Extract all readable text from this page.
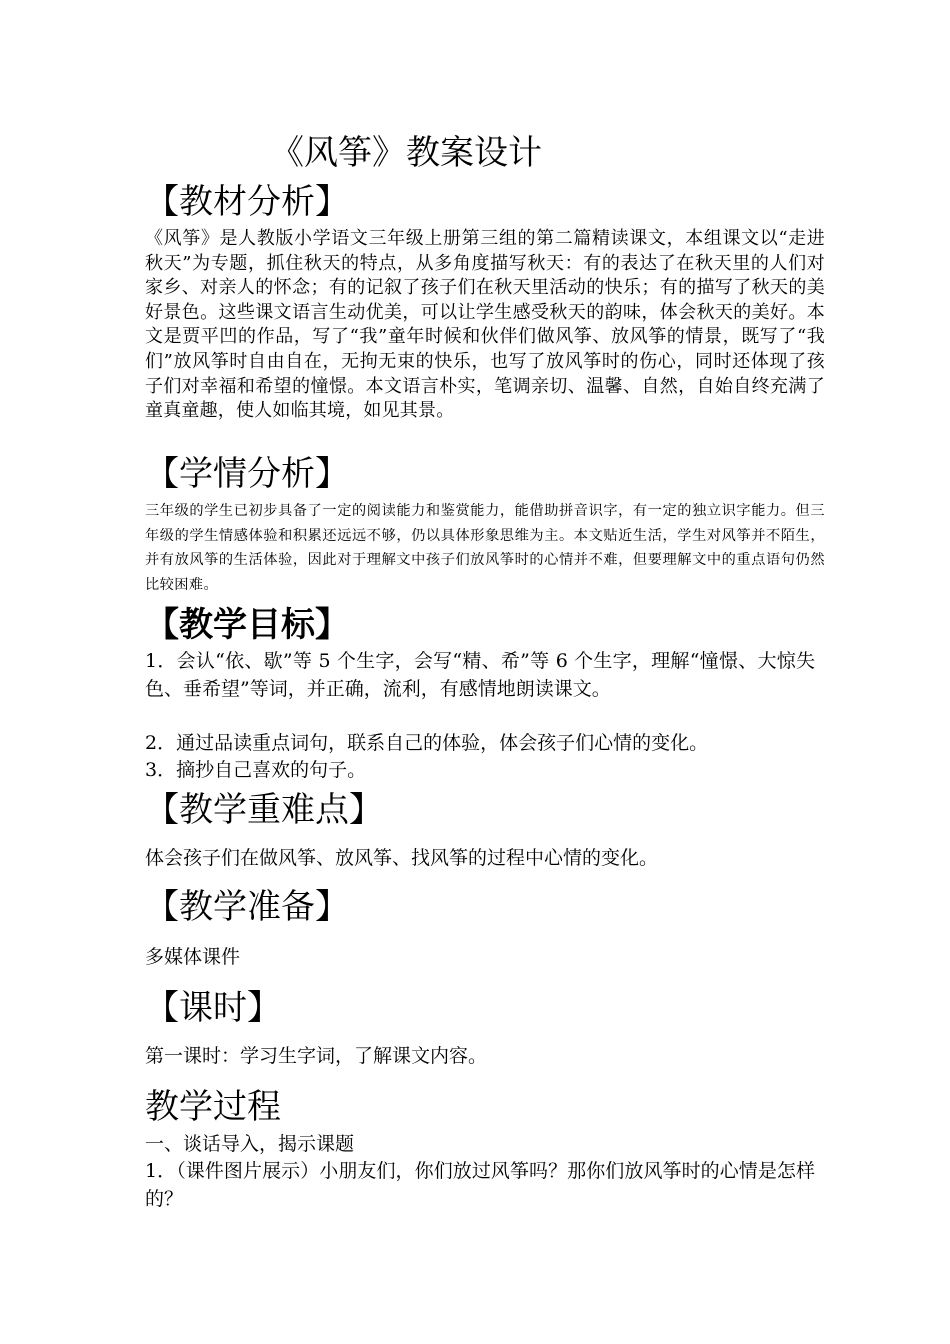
《风筝》教案设计
【教材分析】

《风筝》是人教版小学语文三年级上册第三组的第二篇精读课文，本组课文以“走进秋天”为专题，抓住秋天的特点，从多角度描写秋天：有的表达了在秋天里的人们对家乡、对亲人的怀念；有的记叙了孩子们在秋天里活动的快乐；有的描写了秋天的美好景色。这些课文语言生动优美，可以让学生感受秋天的韵味，体会秋天的美好。本文是贾平凹的作品，写了“我”童年时候和伙伴们做风筝、放风筝的情景，既写了“我们”放风筝时自由自在，无拘无束的快乐，也写了放风筝时的伤心，同时还体现了孩子们对幸福和希望的憧憬。本文语言朴实，笔调亲切、温馨、自然，自始自终充满了童真童趣，使人如临其境，如见其景。

【学情分析】

三年级的学生已初步具备了一定的阅读能力和鉴赏能力，能借助拼音识字，有一定的独立识字能力。但三年级的学生情感体验和积累还远远不够，仍以具体形象思维为主。本文贴近生活，学生对风筝并不陌生，并有放风筝的生活体验，因此对于理解文中孩子们放风筝时的心情并不难，但要理解文中的重点语句仍然比较困难。

【教学目标】

1．会认“依、歇”等 5 个生字，会写“精、希”等 6 个生字，理解“憧憬、大惊失色、垂希望”等词，并正确，流利，有感情地朗读课文。

2．通过品读重点词句，联系自己的体验，体会孩子们心情的变化。

3．摘抄自己喜欢的句子。

【教学重难点】

体会孩子们在做风筝、放风筝、找风筝的过程中心情的变化。

【教学准备】

多媒体课件

【课时】

第一课时：学习生字词，了解课文内容。

教学过程

一、谈话导入，揭示课题

1．（课件图片展示）小朋友们，你们放过风筝吗？那你们放风筝时的心情是怎样的？
